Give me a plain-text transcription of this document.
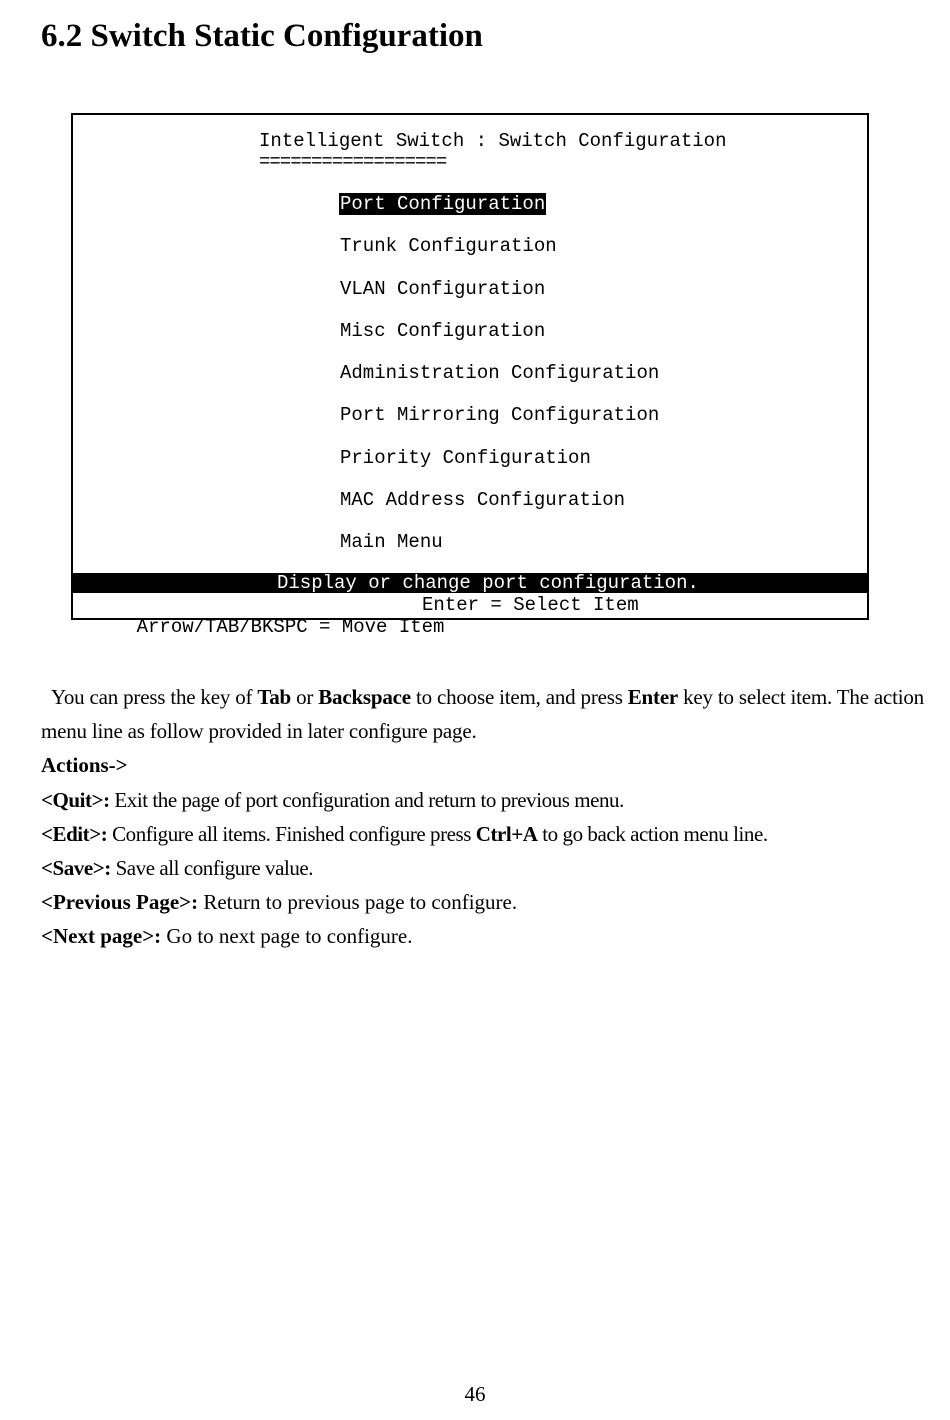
6.2 Switch Static Configuration
Intelligent Switch : Switch Configuration
==================
Port Configuration
Trunk Configuration
VLAN Configuration
Misc Configuration
Administration Configuration
Port Mirroring Configuration
Priority Configuration
MAC Address Configuration
Main Menu

Display or change port configuration.

Arrow/TAB/BKSPC = Move Item

Enter = Select Item

You can press the key of Tab or Backspace to choose item, and press Enter key to select item. The action menu line as follow provided in later configure page.

Actions->

<Quit>: Exit the page of port configuration and return to previous menu.

<Edit>: Configure all items. Finished configure press Ctrl+A to go back action menu line.

<Save>: Save all configure value.

<Previous Page>: Return to previous page to configure.

<Next page>: Go to next page to configure.

46
